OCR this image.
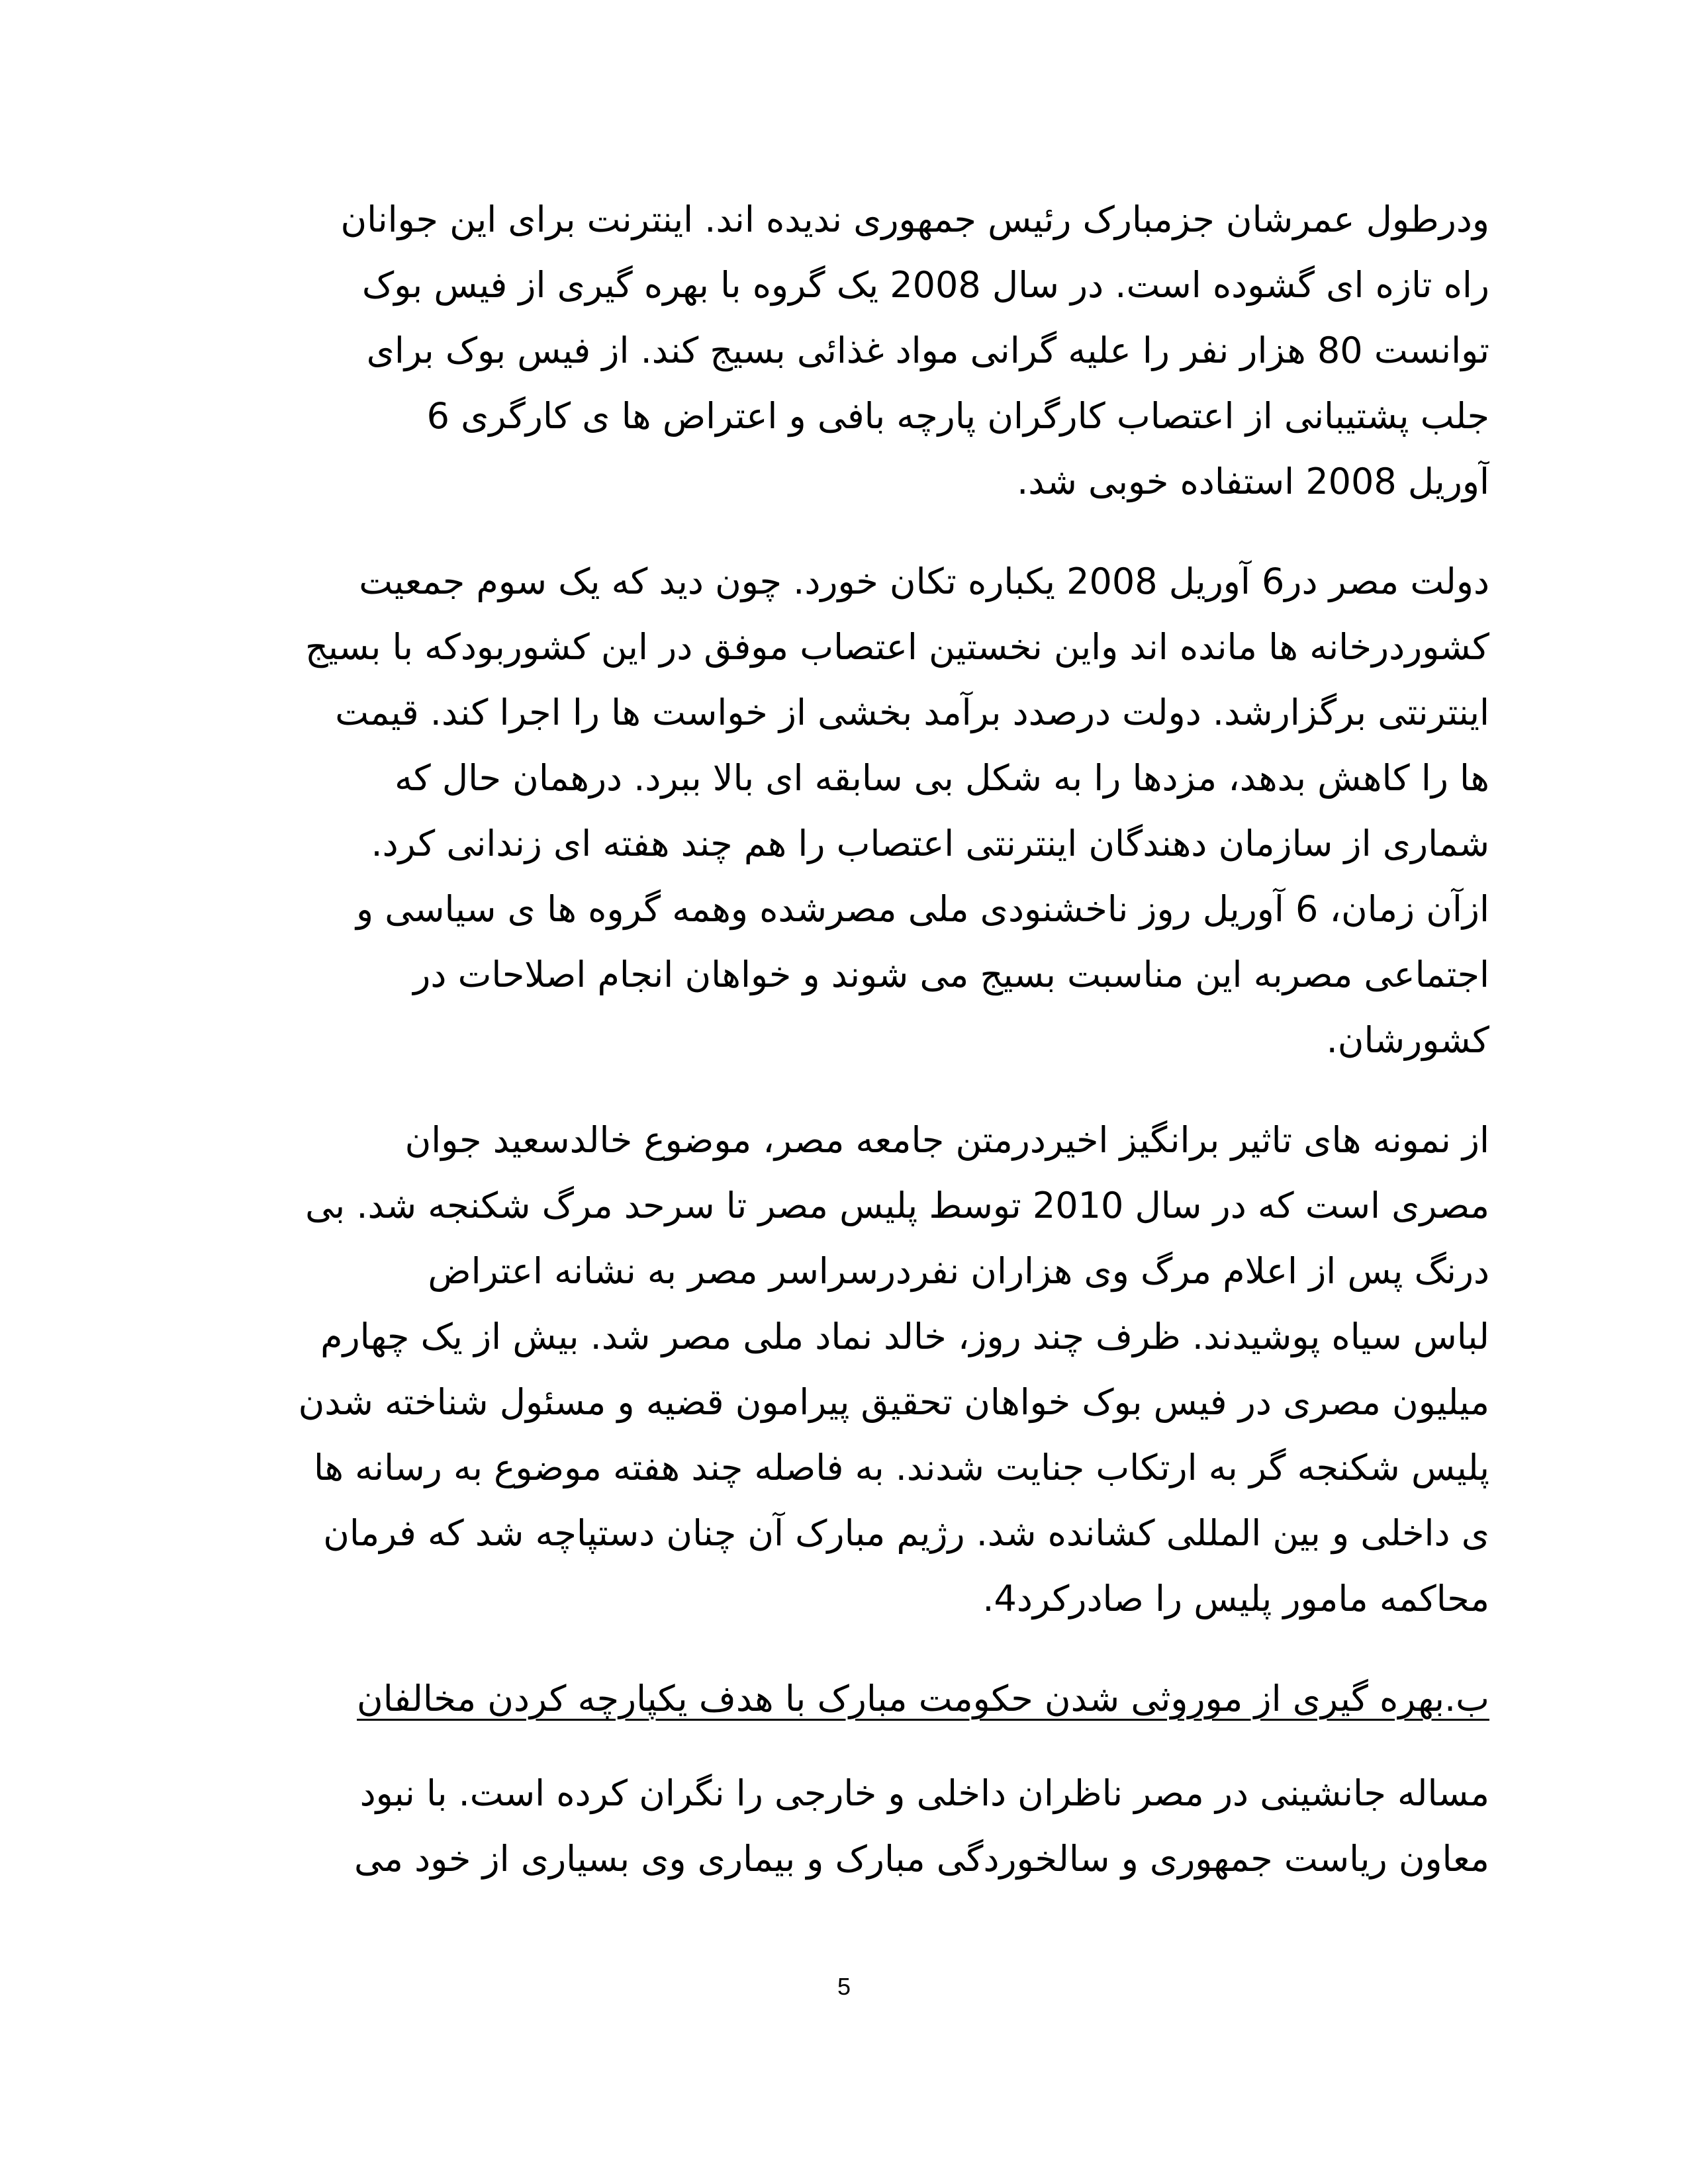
ودرطول عمرشان جزمبارک رئیس جمهوری ندیده اند. اینترنت برای این جوانان
راه تازه ای گشوده است. در سال 2008 یک گروه با بهره گیری از فیس بوک
توانست 80 هزار نفر را علیه گرانی مواد غذائی بسیج کند. از فیس بوک برای
جلب پشتیبانی از اعتصاب کارگران پارچه بافی و اعتراض ها ی کارگری 6
آوریل 2008 استفاده خوبی شد.
دولت مصر در6 آوریل 2008 یکباره تکان خورد. چون دید که یک سوم جمعیت
کشوردرخانه ها مانده اند واین نخستین اعتصاب موفق در این کشوربودکه با بسیج
اینترنتی برگزارشد. دولت درصدد برآمد بخشی از خواست ها را اجرا کند. قیمت
ها را کاهش بدهد، مزدها را به شکل بی سابقه ای بالا ببرد. درهمان حال که
شماری از سازمان دهندگان اینترنتی اعتصاب را هم چند هفته ای زندانی کرد.
ازآن زمان، 6 آوریل روز ناخشنودی ملی مصرشده وهمه گروه ها ی سیاسی و
اجتماعی مصربه این مناسبت بسیج می شوند و خواهان انجام اصلاحات در
کشورشان.
از نمونه های تاثیر برانگیز اخیردرمتن جامعه مصر، موضوع خالدسعید جوان
مصری است که در سال 2010 توسط پلیس مصر تا سرحد مرگ شکنجه شد. بی
درنگ پس از اعلام مرگ وی هزاران نفردرسراسر مصر به نشانه اعتراض
لباس سیاه پوشیدند. ظرف چند روز، خالد نماد ملی مصر شد. بیش از یک چهارم
میلیون مصری در فیس بوک خواهان تحقیق پیرامون قضیه و مسئول شناخته شدن
پلیس شکنجه گر به ارتکاب جنایت شدند. به فاصله چند هفته موضوع به رسانه ها
ی داخلی و بین المللی کشانده شد. رژیم مبارک آن چنان دستپاچه شد که فرمان
محاکمه مامور پلیس را صادرکرد4.
ب.بهره گیری از موروثی شدن حکومت مبارک با هدف یکپارچه کردن مخالفان
مساله جانشینی در مصر ناظران داخلی و خارجی را نگران کرده است. با نبود
معاون ریاست جمهوری و سالخوردگی مبارک و بیماری وی بسیاری از خود می
5
